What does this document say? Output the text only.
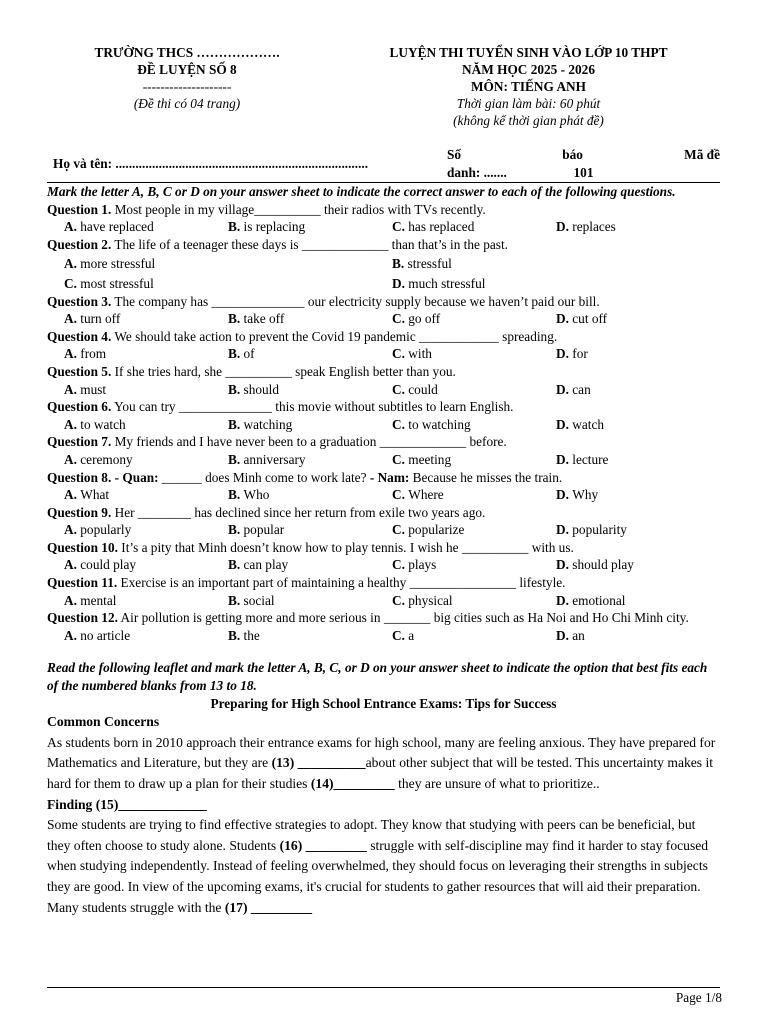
TRƯỜNG THCS ……………….
ĐỀ LUYỆN SỐ 8
--------------------
(Đề thi có 04 trang)
LUYỆN THI TUYỂN SINH VÀO LỚP 10 THPT
NĂM HỌC 2025 - 2026
MÔN: TIẾNG ANH
Thời gian làm bài: 60 phút
(không kể thời gian phát đề)
Họ và tên: ............................................................................
Số	báo	Mã đề
danh: .......	101
Mark the letter A, B, C or D on your answer sheet to indicate the correct answer to each of the following questions.
Question 1. Most people in my village__________ their radios with TVs recently.
A. have replaced	B. is replacing	C. has replaced	D. replaces
Question 2. The life of a teenager these days is _____________ than that’s in the past.
A. more stressful	B. stressful
C. most stressful	D. much stressful
Question 3. The company has ______________ our electricity supply because we haven’t paid our bill.
A. turn off	B. take off	C. go off	D. cut off
Question 4. We should take action to prevent the Covid 19 pandemic ____________ spreading.
A. from	B. of	C. with	D. for
Question 5. If she tries hard, she __________ speak English better than you.
A. must	B. should	C. could	D. can
Question 6. You can try ______________ this movie without subtitles to learn English.
A. to watch	B. watching	C. to watching	D. watch
Question 7. My friends and I have never been to a graduation _____________ before.
A. ceremony	B. anniversary	C. meeting	D. lecture
Question 8. - Quan: ______ does Minh come to work late? - Nam: Because he misses the train.
A. What	B. Who	C. Where	D. Why
Question 9. Her ________ has declined since her return from exile two years ago.
A. popularly	B. popular	C. popularize	D. popularity
Question 10. It’s a pity that Minh doesn’t know how to play tennis. I wish he __________ with us.
A. could play	B. can play	C. plays	D. should play
Question 11. Exercise is an important part of maintaining a healthy ________________ lifestyle.
A. mental	B. social	C. physical	D. emotional
Question 12. Air pollution is getting more and more serious in _______ big cities such as Ha Noi and Ho Chi Minh city.
A. no article	B. the	C. a	D. an
Read the following leaflet and mark the letter A, B, C, or D on your answer sheet to indicate the option that best fits each of the numbered blanks from 13 to 18.
Preparing for High School Entrance Exams: Tips for Success
Common Concerns
As students born in 2010 approach their entrance exams for high school, many are feeling anxious. They have prepared for Mathematics and Literature, but they are (13) __________about other subject that will be tested. This uncertainty makes it hard for them to draw up a plan for their studies (14)_________ they are unsure of what to prioritize..
Finding (15)_____________
Some students are trying to find effective strategies to adopt. They know that studying with peers can be beneficial, but they often choose to study alone. Students (16) _________ struggle with self-discipline may find it harder to stay focused when studying independently. Instead of feeling overwhelmed, they should focus on leveraging their strengths in subjects they are good. In view of the upcoming exams, it's crucial for students to gather resources that will aid their preparation. Many students struggle with the (17) _________
Page 1/8
